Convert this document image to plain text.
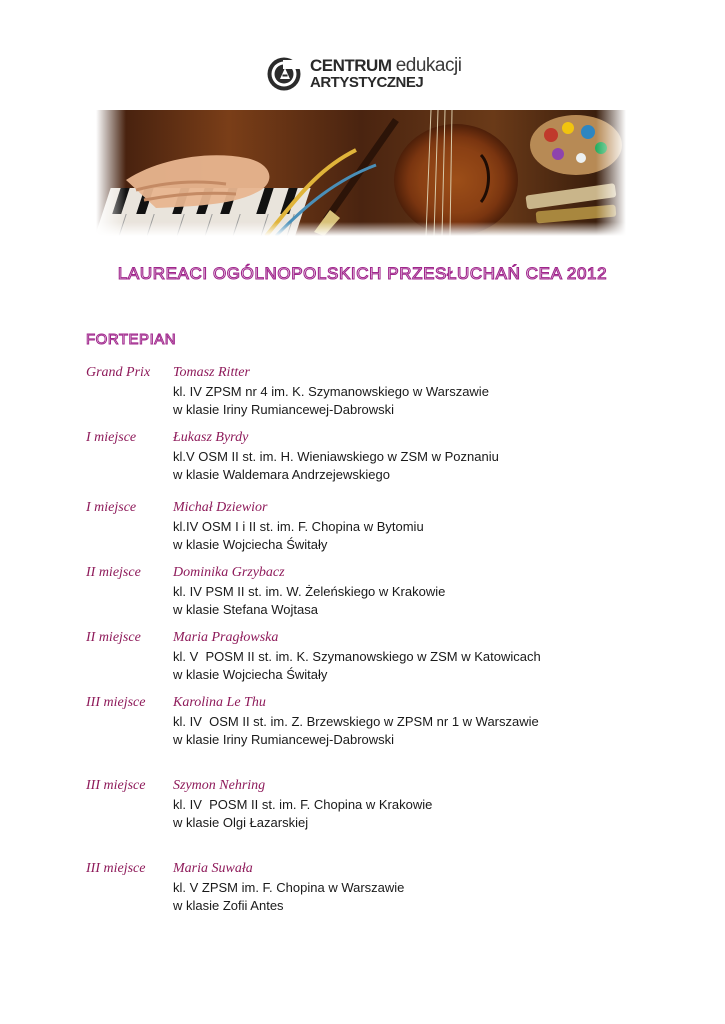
CENTRUM edukacji
ARTYSTYCZNEJ
LAUREACI OGÓLNOPOLSKICH PRZESŁUCHAŃ CEA 2012
FORTEPIAN
Grand Prix Tomasz Ritter
kl. IV ZPSM nr 4 im. K. Szymanowskiego w Warszawie
w klasie Iriny Rumiancewej-Dabrowski
I miejsce	Łukasz Byrdy
kl.V OSM II st. im. H. Wieniawskiego w ZSM w Poznaniu
w klasie Waldemara Andrzejewskiego
I miejsce	Michał Dziewior
kl.IV OSM I i II st. im. F. Chopina w Bytomiu
w klasie Wojciecha Świtały
II miejsce Dominika Grzybacz
kl. IV PSM II st. im. W. Żeleńskiego w Krakowie
w klasie Stefana Wojtasa
II miejsce Maria Pragłowska
kl. V  POSM II st. im. K. Szymanowskiego w ZSM w Katowicach
w klasie Wojciecha Świtały
III miejsce Karolina Le Thu
kl. IV  OSM II st. im. Z. Brzewskiego w ZPSM nr 1 w Warszawie
w klasie Iriny Rumiancewej-Dabrowski
III miejsce Szymon Nehring
kl. IV  POSM II st. im. F. Chopina w Krakowie
w klasie Olgi Łazarskiej
III miejsce Maria Suwała
kl. V ZPSM im. F. Chopina w Warszawie
w klasie Zofii Antes
